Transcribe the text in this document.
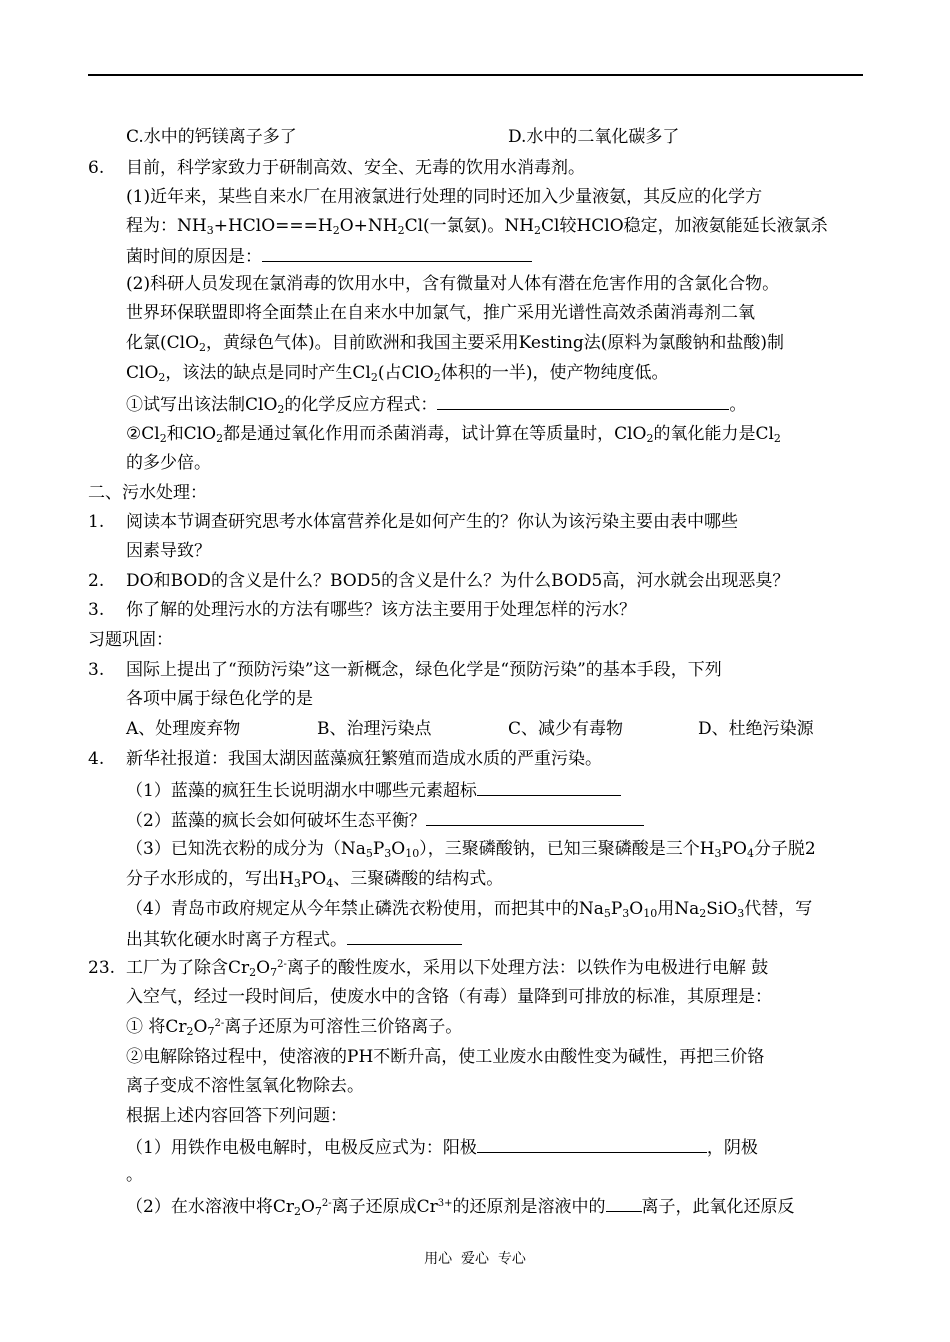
C.水中的钙镁离子多了	D.水中的二氧化碳多了
6. 目前，科学家致力于研制高效、安全、无毒的饮用水消毒剂。
(1)近年来，某些自来水厂在用液氯进行处理的同时还加入少量液氨，其反应的化学方
程为：$NH_3+HClO===H_2O+NH_2Cl$(一氯氨)。$NH_2Cl$较HClO稳定，加液氨能延长液氯杀
菌时间的原因是：
(2)科研人员发现在氯消毒的饮用水中，含有微量对人体有潜在危害作用的含氯化合物。
世界环保联盟即将全面禁止在自来水中加氯气，推广采用光谱性高效杀菌消毒剂二氧
化氯(ClO$_2$，黄绿色气体)。目前欧洲和我国主要采用Kesting法(原料为氯酸钠和盐酸)制
ClO$_2$，该法的缺点是同时产生$Cl_2$(占ClO$_2$体积的一半)，使产物纯度低。
①试写出该法制ClO$_2$的化学反应方程式：	。
$②Cl_2$和ClO$_2$都是通过氧化作用而杀菌消毒，试计算在等质量时，ClO$_2$的氧化能力是$Cl_2$
的多少倍。
二、污水处理：
1. 阅读本节调查研究思考水体富营养化是如何产生的？你认为该污染主要由表中哪些
因素导致？
2. DO和BOD的含义是什么？BOD5的含义是什么？为什么BOD5高，河水就会出现恶臭？
3. 你了解的处理污水的方法有哪些？该方法主要用于处理怎样的污水？
习题巩固：
3. 国际上提出了“预防污染”这一新概念，绿色化学是“预防污染”的基本手段，下列
各项中属于绿色化学的是
A、处理废弃物	B、治理污染点	C、减少有毒物	D、杜绝污染源
4. 新华社报道：我国太湖因蓝藻疯狂繁殖而造成水质的严重污染。
（1）蓝藻的疯狂生长说明湖水中哪些元素超标
（2）蓝藻的疯长会如何破坏生态平衡？
（3）已知洗衣粉的成分为$(Na_5P_3O_{10})$，三聚磷酸钠，已知三聚磷酸是三个$H_3PO_4$分子脱2
分子水形成的，写出$H_3PO_4$、三聚磷酸的结构式。
（4）青岛市政府规定从今年禁止磷洗衣粉使用，而把其中的$Na_5P_3O_{10}$用$Na_2SiO_3$代替，写
出其软化硬水时离子方程式。
23. 工厂为了除含$Cr_2O_7^{2-}$离子的酸性废水，采用以下处理方法：以铁作为电极进行电解 鼓
入空气，经过一段时间后，使废水中的含铬（有毒）量降到可排放的标准，其原理是：
① 将$Cr_2O_7^{2-}$离子还原为可溶性三价铬离子。
②电解除铬过程中，使溶液的PH不断升高，使工业废水由酸性变为碱性，再把三价铬
离子变成不溶性氢氧化物除去。
根据上述内容回答下列问题：
（1）用铁作电极电解时，电极反应式为：阳极	，阴极
。
（2）在水溶液中将$Cr_2O_7^{2-}$离子还原成$Cr^{3+}$的还原剂是溶液中的 离子，此氧化还原反
用心  爱心  专心
